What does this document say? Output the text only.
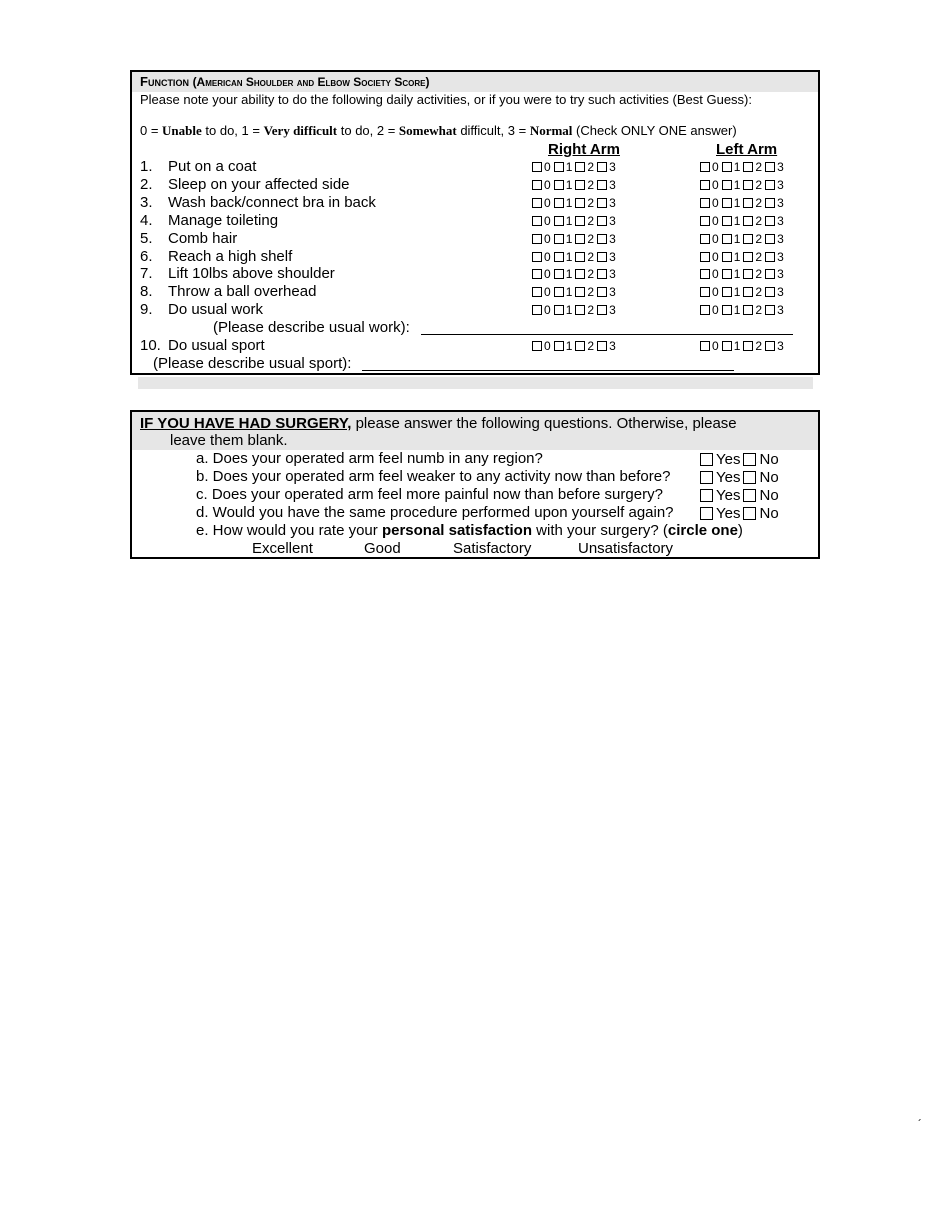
Function (American Shoulder and Elbow Society Score)
Please note your ability to do the following daily activities, or if you were to try such activities (Best Guess):
0 = Unable to do, 1 = Very difficult to do, 2 = Somewhat difficult, 3 = Normal (Check ONLY ONE answer)
Right Arm	Left Arm
1. Put on a coat	0 1 2 3	0 1 2 3
2. Sleep on your affected side	0 1 2 3	0 1 2 3
3. Wash back/connect bra in back	0 1 2 3	0 1 2 3
4. Manage toileting	0 1 2 3	0 1 2 3
5. Comb hair	0 1 2 3	0 1 2 3
6. Reach a high shelf	0 1 2 3	0 1 2 3
7. Lift 10lbs above shoulder	0 1 2 3	0 1 2 3
8. Throw a ball overhead	0 1 2 3	0 1 2 3
9. Do usual work	0 1 2 3	0 1 2 3
(Please describe usual work):
10. Do usual sport	0 1 2 3	0 1 2 3
(Please describe usual sport):
IF YOU HAVE HAD SURGERY, please answer the following questions. Otherwise, please
leave them blank.
a. Does your operated arm feel numb in any region?	Yes No
b. Does your operated arm feel weaker to any activity now than before?	Yes No
c. Does your operated arm feel more painful now than before surgery?	Yes No
d. Would you have the same procedure performed upon yourself again?	Yes No
e. How would you rate your personal satisfaction with your surgery? (circle one)
Excellent	Good	Satisfactory	Unsatisfactory
´
